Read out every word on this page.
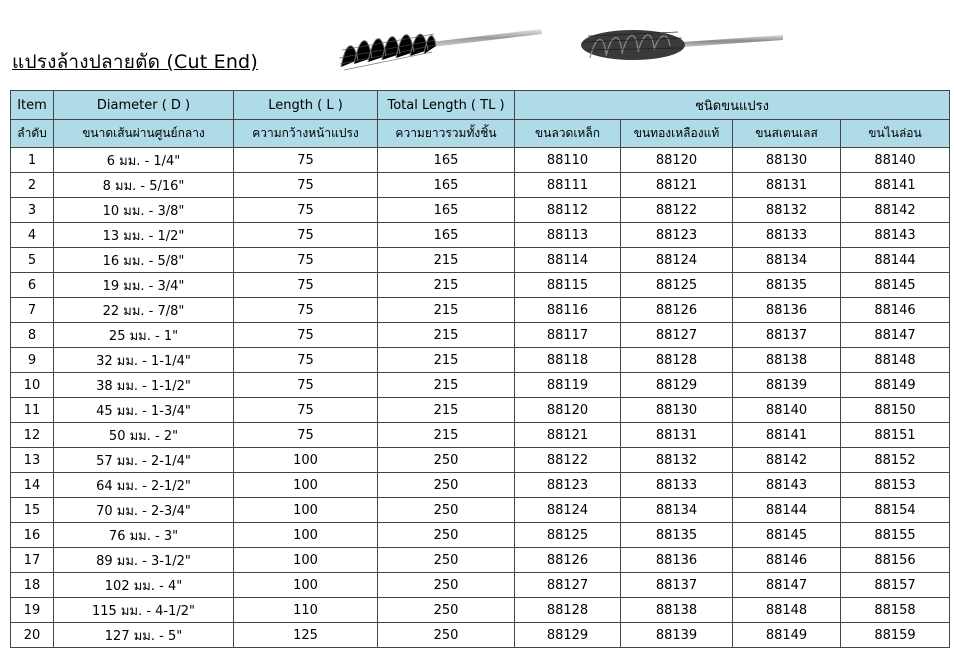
แปรงล้างปลายตัด (Cut End)
Item	Diameter ( D )	Length ( L )	Total Length ( TL )	ชนิดขนแปรง			
ลำดับ	ขนาดเส้นผ่านศูนย์กลาง	ความกว้างหน้าแปรง	ความยาวรวมทั้งชิ้น	ขนลวดเหล็ก	ขนทองเหลืองแท้	ขนสเตนเลส	ขนไนล่อน
1	6 มม. - 1/4"	75	165	88110	88120	88130	88140
2	8 มม. - 5/16"	75	165	88111	88121	88131	88141
3	10 มม. - 3/8"	75	165	88112	88122	88132	88142
4	13 มม. - 1/2"	75	165	88113	88123	88133	88143
5	16 มม. - 5/8"	75	215	88114	88124	88134	88144
6	19 มม. - 3/4"	75	215	88115	88125	88135	88145
7	22 มม. - 7/8"	75	215	88116	88126	88136	88146
8	25 มม. - 1"	75	215	88117	88127	88137	88147
9	32 มม. - 1-1/4"	75	215	88118	88128	88138	88148
10	38 มม. - 1-1/2"	75	215	88119	88129	88139	88149
11	45 มม. - 1-3/4"	75	215	88120	88130	88140	88150
12	50 มม. - 2"	75	215	88121	88131	88141	88151
13	57 มม. - 2-1/4"	100	250	88122	88132	88142	88152
14	64 มม. - 2-1/2"	100	250	88123	88133	88143	88153
15	70 มม. - 2-3/4"	100	250	88124	88134	88144	88154
16	76 มม. - 3"	100	250	88125	88135	88145	88155
17	89 มม. - 3-1/2"	100	250	88126	88136	88146	88156
18	102 มม. - 4"	100	250	88127	88137	88147	88157
19	115 มม. - 4-1/2"	110	250	88128	88138	88148	88158
20	127 มม. - 5"	125	250	88129	88139	88149	88159
